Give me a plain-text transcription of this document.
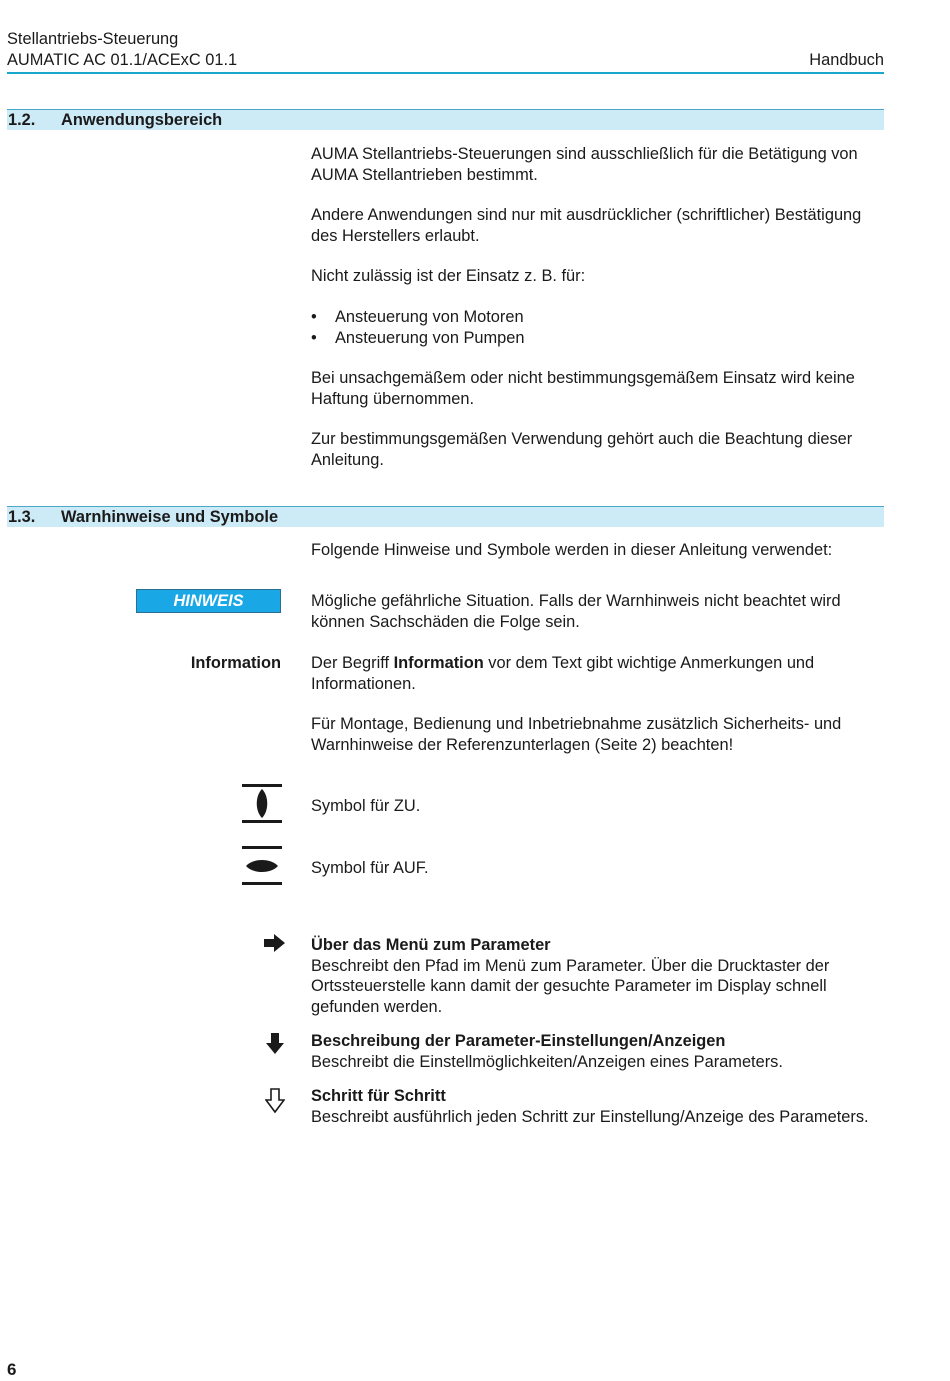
Stellantriebs-Steuerung
AUMATIC AC 01.1/ACExC 01.1	Handbuch
1.2. Anwendungsbereich

AUMA Stellantriebs-Steuerungen sind ausschließlich für die Betätigung von AUMA Stellantrieben bestimmt.

Andere Anwendungen sind nur mit ausdrücklicher (schriftlicher) Bestätigung des Herstellers erlaubt.

Nicht zulässig ist der Einsatz z. B. für:

• Ansteuerung von Motoren
• Ansteuerung von Pumpen

Bei unsachgemäßem oder nicht bestimmungsgemäßem Einsatz wird keine Haftung übernommen.

Zur bestimmungsgemäßen Verwendung gehört auch die Beachtung dieser Anleitung.

1.3. Warnhinweise und Symbole

Folgende Hinweise und Symbole werden in dieser Anleitung verwendet:

HINWEIS	Mögliche gefährliche Situation. Falls der Warnhinweis nicht beachtet wird können Sachschäden die Folge sein.

Information Der Begriff Information vor dem Text gibt wichtige Anmerkungen und Informationen.

Für Montage, Bedienung und Inbetriebnahme zusätzlich Sicherheits- und Warnhinweise der Referenzunterlagen (Seite 2) beachten!

Symbol für ZU.

Symbol für AUF.

Über das Menü zum Parameter

Beschreibt den Pfad im Menü zum Parameter. Über die Drucktaster der Ortssteuerstelle kann damit der gesuchte Parameter im Display schnell gefunden werden.

Beschreibung der Parameter-Einstellungen/Anzeigen

Beschreibt die Einstellmöglichkeiten/Anzeigen eines Parameters.

Schritt für Schritt

Beschreibt ausführlich jeden Schritt zur Einstellung/Anzeige des Parameters.

6
